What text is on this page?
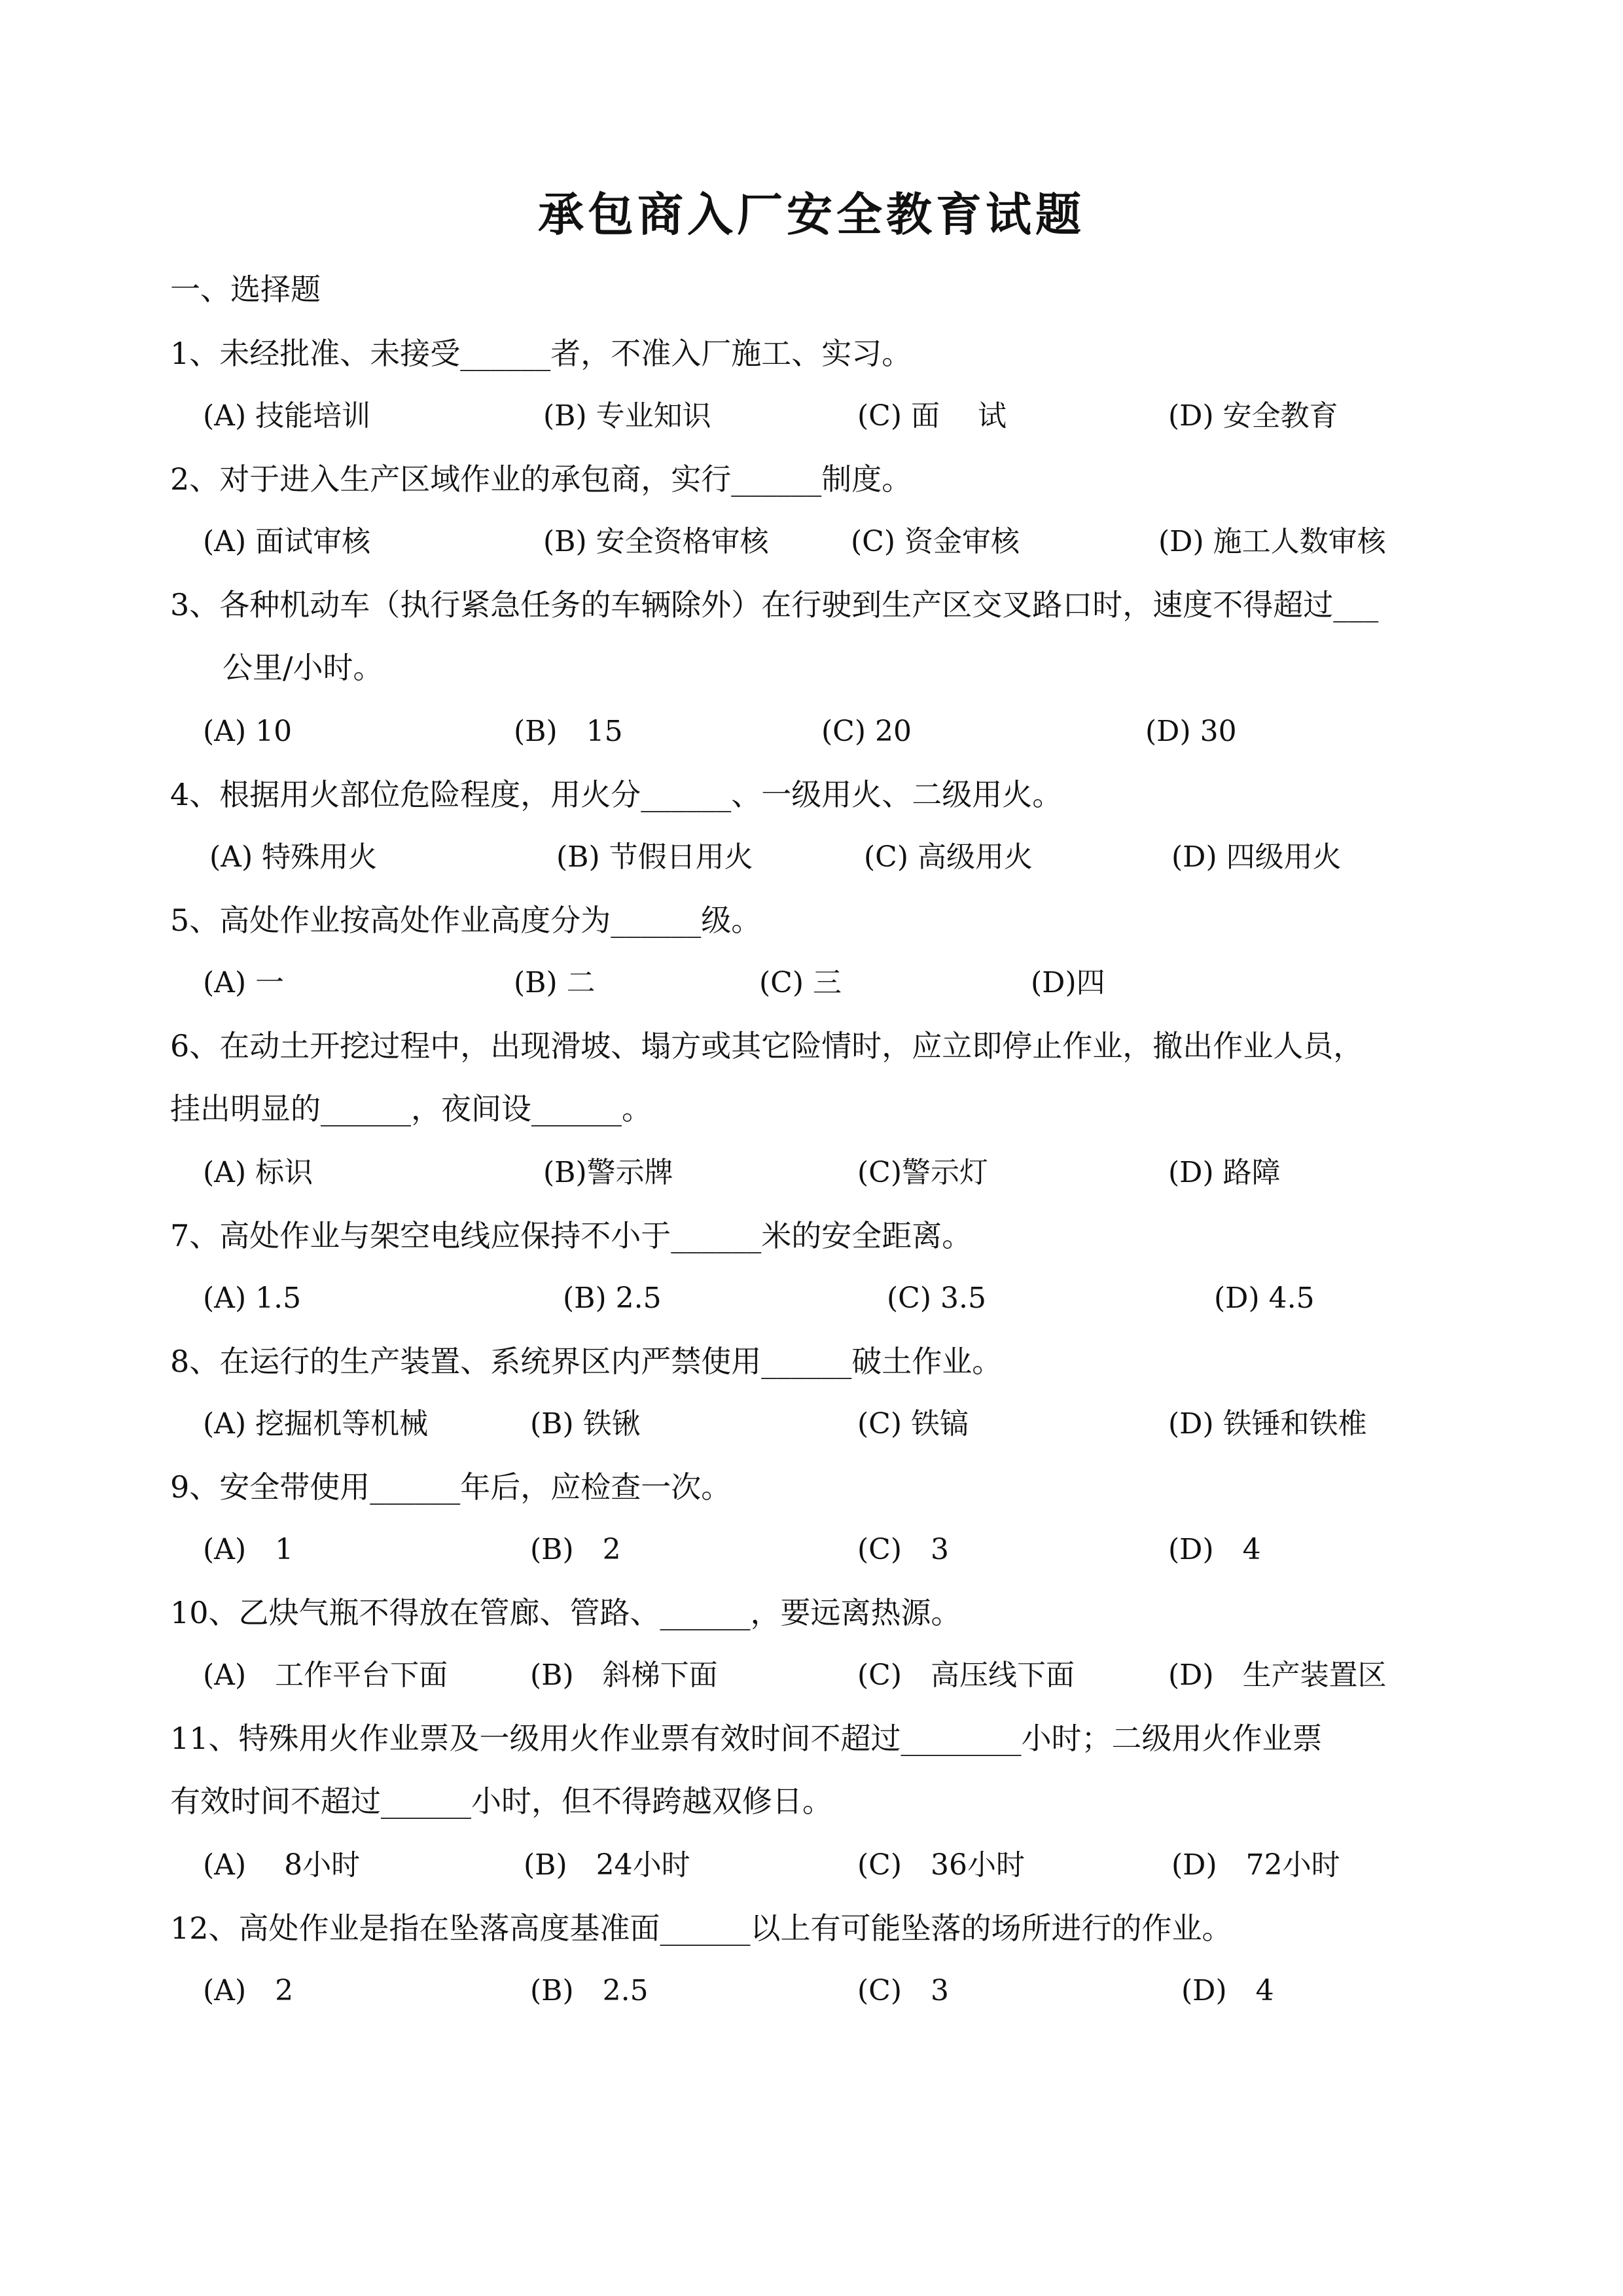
承包商入厂安全教育试题
一、选择题
1、未经批准、未接受______者，不准入厂施工、实习。
(A) 技能培训	(B) 专业知识	(C) 面　 试	(D) 安全教育
2、对于进入生产区域作业的承包商，实行______制度。
(A) 面试审核	(B) 安全资格审核	(C) 资金审核	(D) 施工人数审核
3、各种机动车（执行紧急任务的车辆除外）在行驶到生产区交叉路口时，速度不得超过___
公里/小时。
(A) 10	(B)　15	(C) 20	(D) 30
4、根据用火部位危险程度，用火分______、一级用火、二级用火。
(A) 特殊用火	(B) 节假日用火	(C) 高级用火	(D) 四级用火
5、高处作业按高处作业高度分为______级。
(A) 一	(B) 二	(C) 三	(D)四
6、在动土开挖过程中，出现滑坡、塌方或其它险情时，应立即停止作业，撤出作业人员，
挂出明显的______，夜间设______。
(A) 标识	(B)警示牌	(C)警示灯	(D) 路障
7、高处作业与架空电线应保持不小于______米的安全距离。
(A) 1.5	(B) 2.5	(C) 3.5	(D) 4.5
8、在运行的生产装置、系统界区内严禁使用______破土作业。
(A) 挖掘机等机械	(B) 铁锹	(C) 铁镐	(D) 铁锤和铁椎
9、安全带使用______年后，应检查一次。
(A)　1	(B)　2	(C)　3	(D)　4
10、乙炔气瓶不得放在管廊、管路、______，要远离热源。
(A)　工作平台下面	(B)　斜梯下面	(C)　高压线下面	(D)　生产装置区
11、特殊用火作业票及一级用火作业票有效时间不超过________小时；二级用火作业票
有效时间不超过______小时，但不得跨越双修日。
(A)　 8小时	(B)　24小时	(C)　36小时	(D)　72小时
12、高处作业是指在坠落高度基准面______以上有可能坠落的场所进行的作业。
(A)　2	(B)　2.5	(C)　3	(D)　4
